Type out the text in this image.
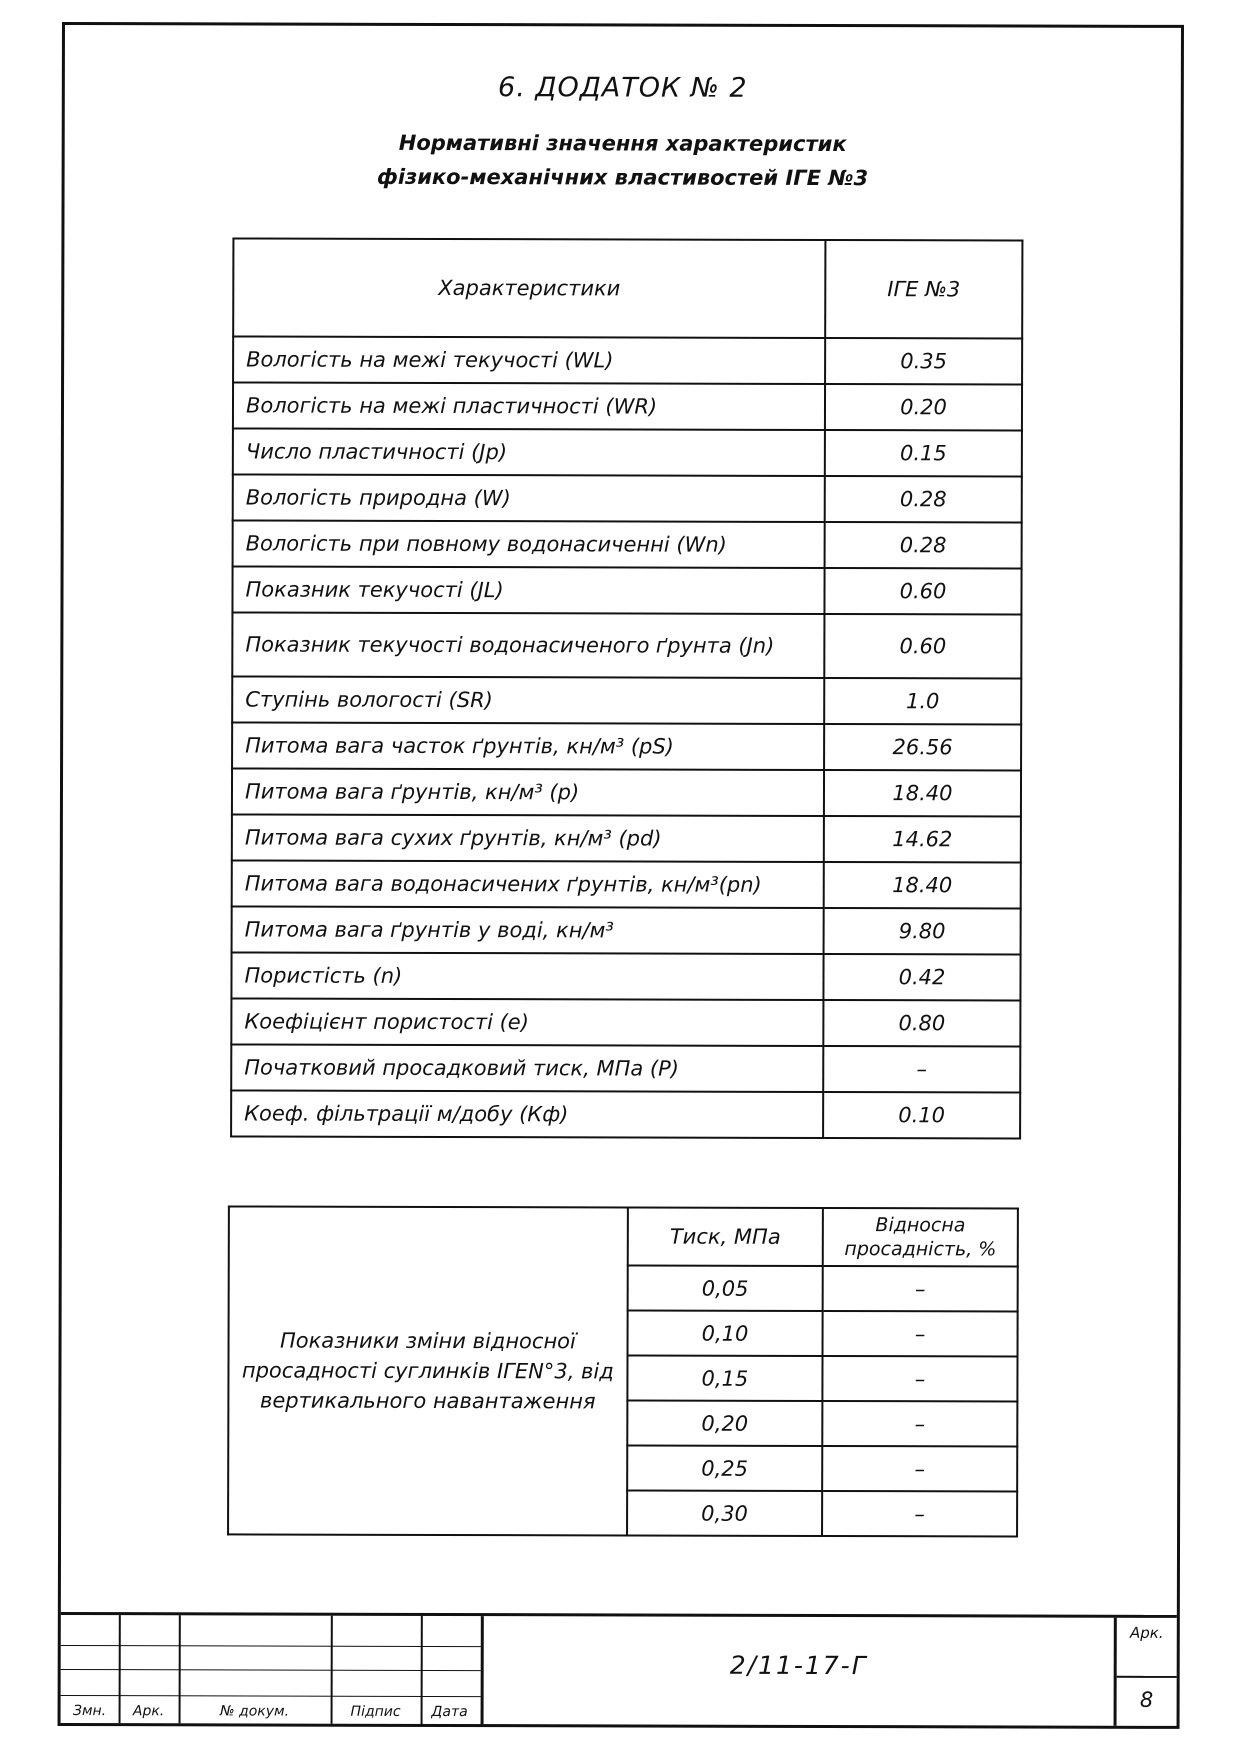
6. ДОДАТОК № 2
Нормативні значення характеристик
фізико-механічних властивостей ІГЕ №3
Характеристики	ІГЕ №3
Вологість на межі текучості (WL)	0.35
Вологість на межі пластичності (WR)	0.20
Число пластичності (Jp)	0.15
Вологість природна (W)	0.28
Вологість при повному водонасиченні (Wn)	0.28
Показник текучості (JL)	0.60
Показник текучості водонасиченого ґрунта (Jn)	0.60
Ступінь вологості (SR)	1.0
Питома вага часток ґрунтів, кн/м³ (pS)	26.56
Питома вага ґрунтів, кн/м³ (p)	18.40
Питома вага сухих ґрунтів, кн/м³ (pd)	14.62
Питома вага водонасичених ґрунтів, кн/м³(pn)	18.40
Питома вага ґрунтів у воді, кн/м³	9.80
Пористість (n)	0.42
Коефіцієнт пористості (e)	0.80
Початковий просадковий тиск, МПа (P)	–
Коеф. фільтрації м/добу (Кф)	0.10
Показники зміни відносної просадності суглинків ІГЕN°3, від вертикального навантаження	Тиск, МПа	Відносна просадність, %
	0,05	–
	0,10	–
	0,15	–
	0,20	–
	0,25	–
	0,30	–
Змн.	Арк.	№ докум.	Підпис	Дата
2/11-17-Г
Арк.
8
